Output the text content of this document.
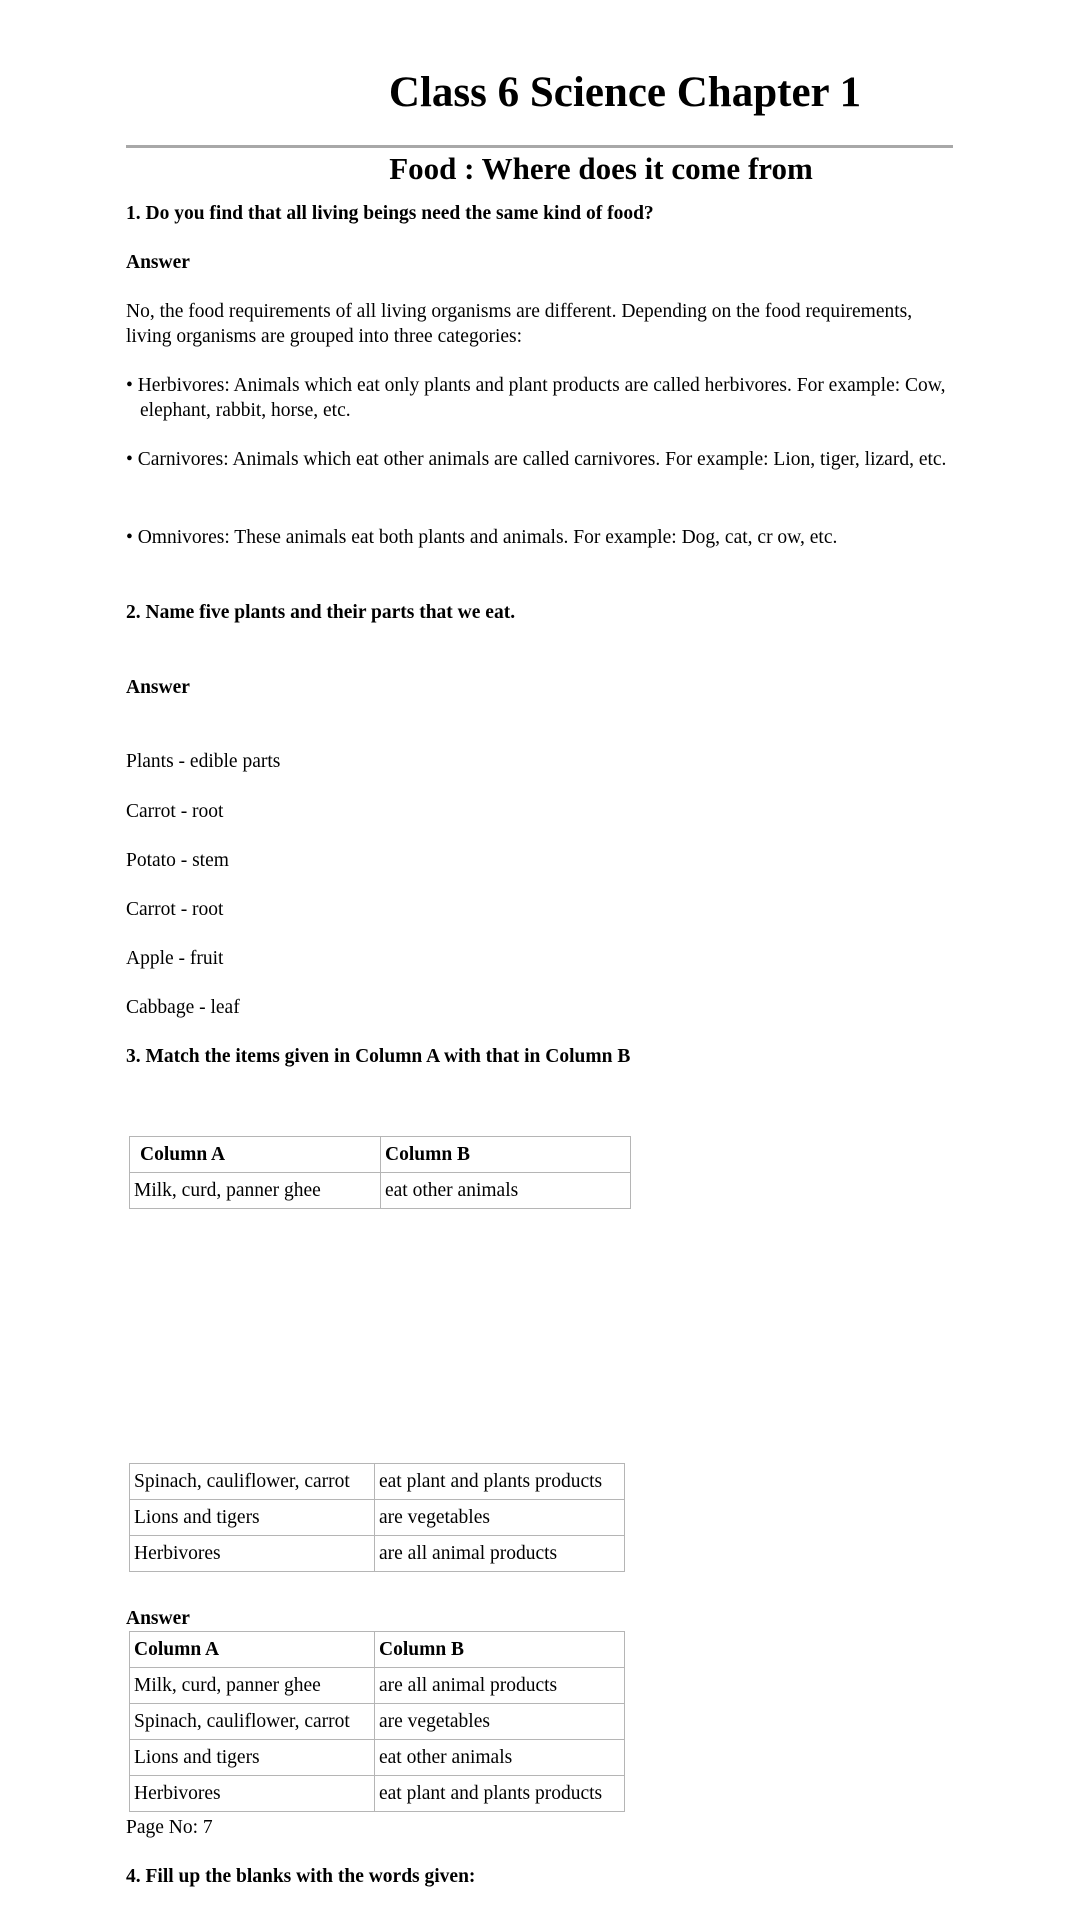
Class 6 Science Chapter 1
Food : Where does it come from

1. Do you find that all living beings need the same kind of food?

Answer

No, the food requirements of all living organisms are different. Depending on the food requirements, living organisms are grouped into three categories:

• Herbivores: Animals which eat only plants and plant products are called herbivores. For example: Cow, elephant, rabbit, horse, etc.

• Carnivores: Animals which eat other animals are called carnivores. For example: Lion, tiger, lizard, etc.

• Omnivores: These animals eat both plants and animals. For example: Dog, cat, cr ow, etc.

2. Name five plants and their parts that we eat.

Answer

Plants - edible parts

Carrot - root

Potato - stem

Carrot - root

Apple - fruit

Cabbage - leaf

3. Match the items given in Column A with that in Column B

Column A	Column B
Milk, curd, panner ghee	eat other animals
Spinach, cauliflower, carrot	eat plant and plants products
Lions and tigers	are vegetables
Herbivores	are all animal products

Answer

Column A	Column B
Milk, curd, panner ghee	are all animal products
Spinach, cauliflower, carrot	are vegetables
Lions and tigers	eat other animals
Herbivores	eat plant and plants products

Page No: 7

4. Fill up the blanks with the words given:
